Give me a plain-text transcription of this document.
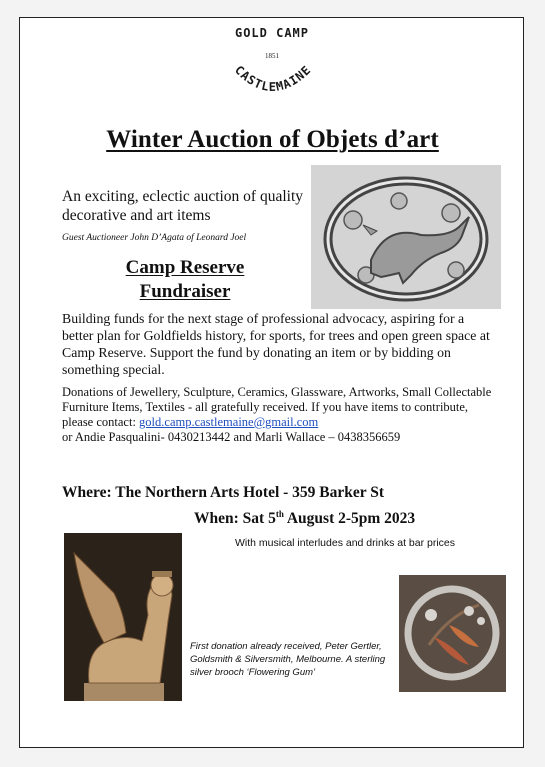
GOLD CAMP
1851
CASTLEMAINE
Winter Auction of Objets d’art
An exciting, eclectic auction of quality decorative and art items
Guest Auctioneer John D’Agata of Leonard Joel
Camp Reserve
Fundraiser
Building funds for the next stage of professional advocacy, aspiring for a better plan for Goldfields history, for sports, for trees and open green space at Camp Reserve. Support the fund by donating an item or by bidding on something special.
Donations of Jewellery, Sculpture, Ceramics, Glassware, Artworks, Small Collectable Furniture Items, Textiles - all gratefully received. If you have items to contribute, please contact: gold.camp.castlemaine@gmail.com
or Andie Pasqualini- 0430213442 and Marli Wallace – 0438356659
Where: The Northern Arts Hotel - 359 Barker St
When: Sat 5th August 2-5pm 2023
With musical interludes and drinks at bar prices
First donation already received, Peter Gertler, Goldsmith & Silversmith, Melbourne. A sterling silver brooch ‘Flowering Gum’
